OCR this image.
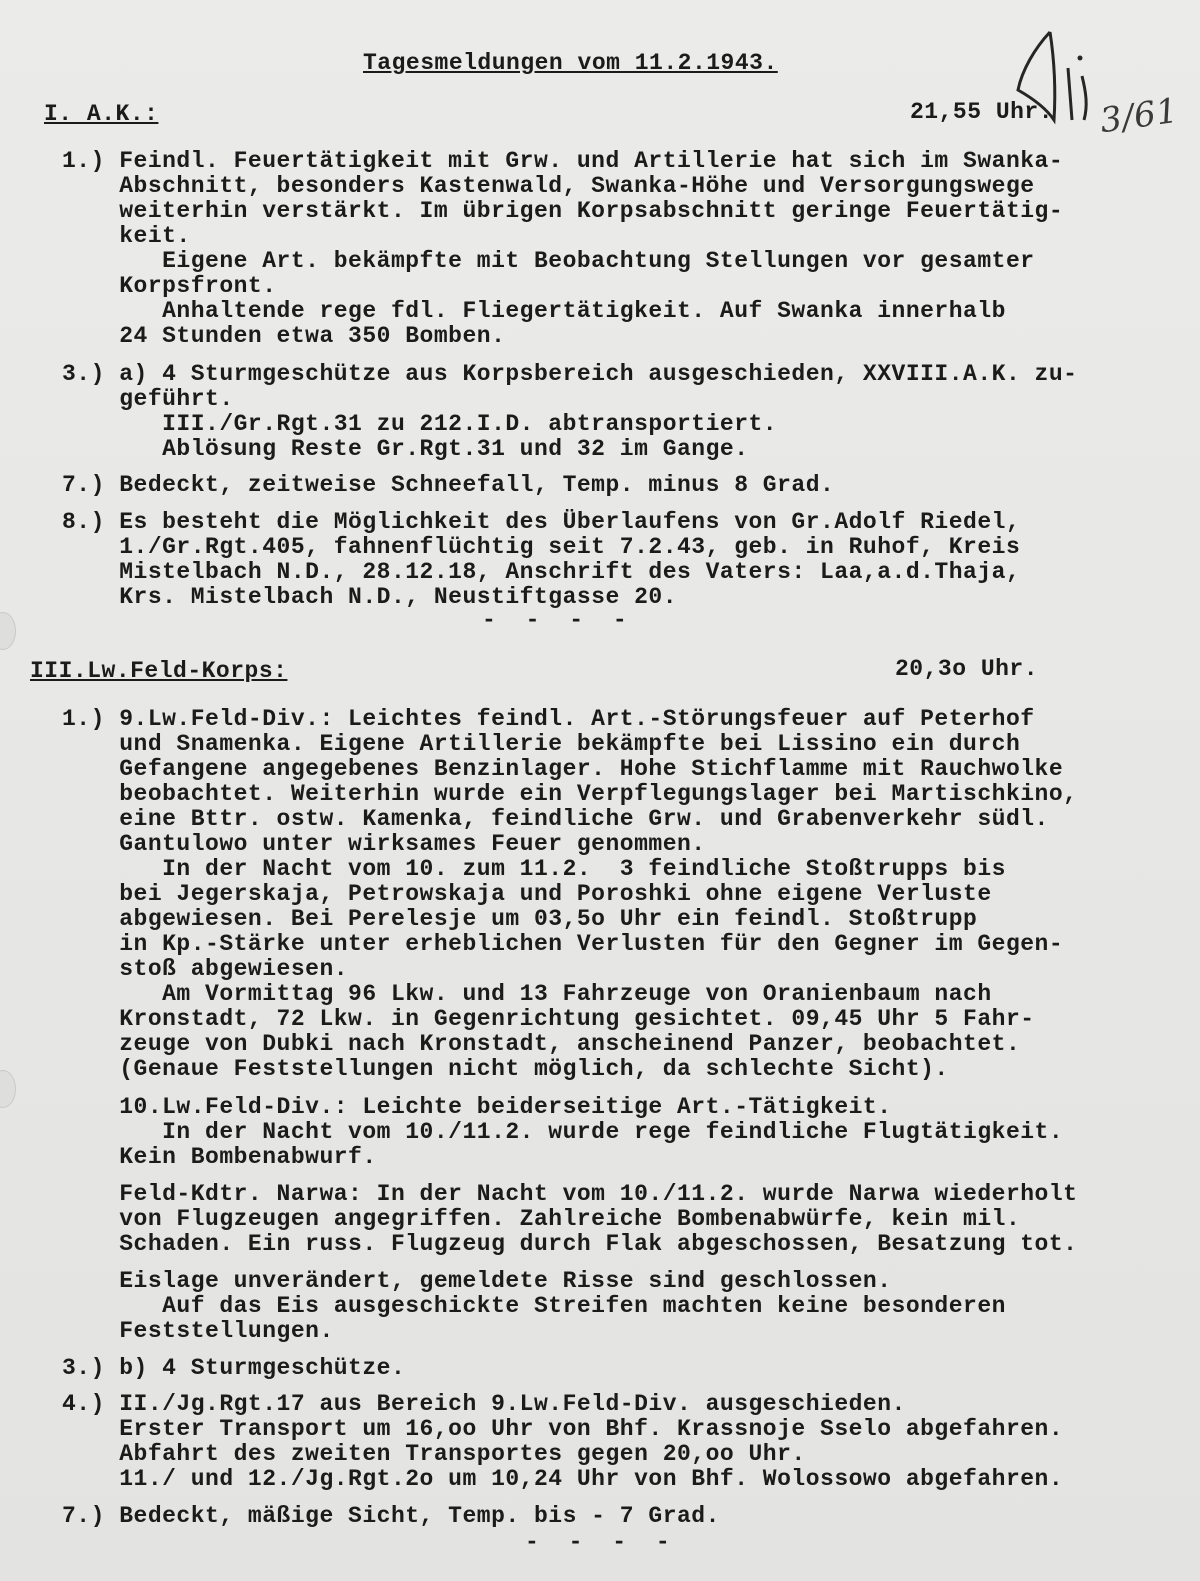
3/61
Tagesmeldungen vom 11.2.1943.
I. A.K.:	21,55 Uhr.
1.) Feindl. Feuertätigkeit mit Grw. und Artillerie hat sich im Swanka-
Abschnitt, besonders Kastenwald, Swanka-Höhe und Versorgungswege
weiterhin verstärkt. Im übrigen Korpsabschnitt geringe Feuertätig-
keit.
Eigene Art. bekämpfte mit Beobachtung Stellungen vor gesamter
Korpsfront.
Anhaltende rege fdl. Fliegertätigkeit. Auf Swanka innerhalb
24 Stunden etwa 350 Bomben.
3.) a) 4 Sturmgeschütze aus Korpsbereich ausgeschieden, XXVIII.A.K. zu-
geführt.
III./Gr.Rgt.31 zu 212.I.D. abtransportiert.
Ablösung Reste Gr.Rgt.31 und 32 im Gange.
7.) Bedeckt, zeitweise Schneefall, Temp. minus 8 Grad.
8.) Es besteht die Möglichkeit des Überlaufens von Gr.Adolf Riedel,
1./Gr.Rgt.405, fahnenflüchtig seit 7.2.43, geb. in Ruhof, Kreis
Mistelbach N.D., 28.12.18, Anschrift des Vaters: Laa,a.d.Thaja,
Krs. Mistelbach N.D., Neustiftgasse 20.
- - - -
III.Lw.Feld-Korps:	20,3o Uhr.
1.) 9.Lw.Feld-Div.: Leichtes feindl. Art.-Störungsfeuer auf Peterhof
und Snamenka. Eigene Artillerie bekämpfte bei Lissino ein durch
Gefangene angegebenes Benzinlager. Hohe Stichflamme mit Rauchwolke
beobachtet. Weiterhin wurde ein Verpflegungslager bei Martischkino,
eine Bttr. ostw. Kamenka, feindliche Grw. und Grabenverkehr südl.
Gantulowo unter wirksames Feuer genommen.
In der Nacht vom 10. zum 11.2.  3 feindliche Stoßtrupps bis
bei Jegerskaja, Petrowskaja und Poroshki ohne eigene Verluste
abgewiesen. Bei Perelesje um 03,5o Uhr ein feindl. Stoßtrupp
in Kp.-Stärke unter erheblichen Verlusten für den Gegner im Gegen-
stoß abgewiesen.
Am Vormittag 96 Lkw. und 13 Fahrzeuge von Oranienbaum nach
Kronstadt, 72 Lkw. in Gegenrichtung gesichtet. 09,45 Uhr 5 Fahr-
zeuge von Dubki nach Kronstadt, anscheinend Panzer, beobachtet.
(Genaue Feststellungen nicht möglich, da schlechte Sicht).
10.Lw.Feld-Div.: Leichte beiderseitige Art.-Tätigkeit.
In der Nacht vom 10./11.2. wurde rege feindliche Flugtätigkeit.
Kein Bombenabwurf.
Feld-Kdtr. Narwa: In der Nacht vom 10./11.2. wurde Narwa wiederholt
von Flugzeugen angegriffen. Zahlreiche Bombenabwürfe, kein mil.
Schaden. Ein russ. Flugzeug durch Flak abgeschossen, Besatzung tot.
Eislage unverändert, gemeldete Risse sind geschlossen.
Auf das Eis ausgeschickte Streifen machten keine besonderen
Feststellungen.
3.) b) 4 Sturmgeschütze.
4.) II./Jg.Rgt.17 aus Bereich 9.Lw.Feld-Div. ausgeschieden.
Erster Transport um 16,oo Uhr von Bhf. Krassnoje Sselo abgefahren.
Abfahrt des zweiten Transportes gegen 20,oo Uhr.
11./ und 12./Jg.Rgt.2o um 10,24 Uhr von Bhf. Wolossowo abgefahren.
7.) Bedeckt, mäßige Sicht, Temp. bis - 7 Grad.
- - - -
